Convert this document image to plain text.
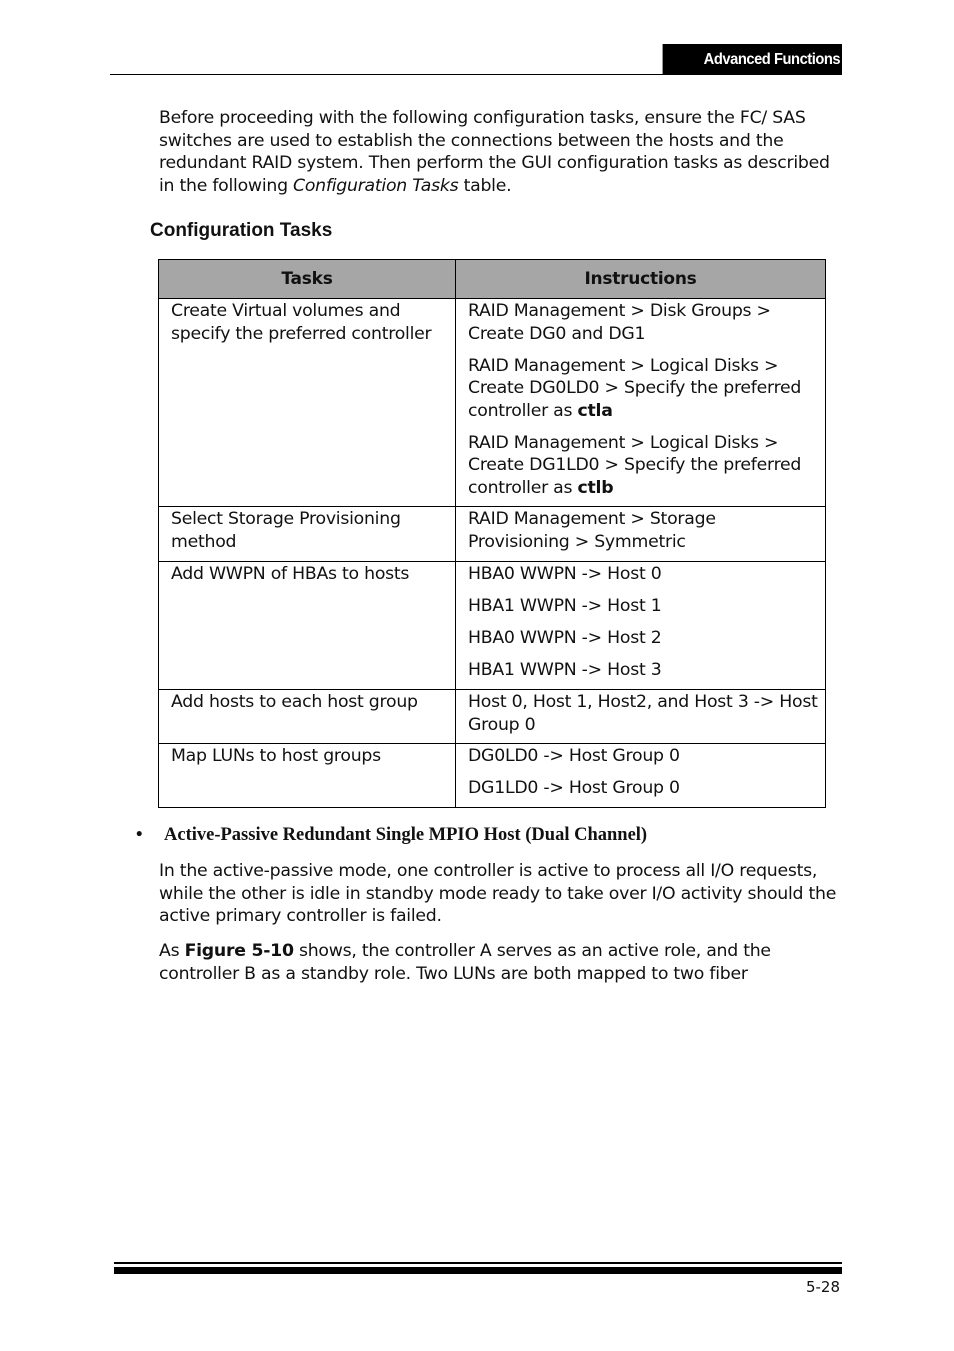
Advanced Functions

Before proceeding with the following configuration tasks, ensure the FC/ SAS switches are used to establish the connections between the hosts and the redundant RAID system. Then perform the GUI configuration tasks as described in the following Configuration Tasks table.

Configuration Tasks
Tasks	Instructions
Create Virtual volumes and specify the preferred controller	RAID Management > Disk Groups > Create DG0 and DG1

RAID Management > Logical Disks > Create DG0LD0 > Specify the preferred controller as ctla

RAID Management > Logical Disks > Create DG1LD0 > Specify the preferred controller as ctlb

Select Storage Provisioning method	RAID Management > Storage Provisioning > Symmetric

Add WWPN of HBAs to hosts	HBA0 WWPN -> Host 0

HBA1 WWPN -> Host 1

HBA0 WWPN -> Host 2

HBA1 WWPN -> Host 3

Add hosts to each host group	Host 0, Host 1, Host2, and Host 3 -> Host Group 0

Map LUNs to host groups	DG0LD0 -> Host Group 0

DG1LD0 -> Host Group 0

• Active-Passive Redundant Single MPIO Host (Dual Channel)

In the active-passive mode, one controller is active to process all I/O requests, while the other is idle in standby mode ready to take over I/O activity should the active primary controller is failed.

As Figure 5-10 shows, the controller A serves as an active role, and the controller B as a standby role. Two LUNs are both mapped to two fiber

5-28
